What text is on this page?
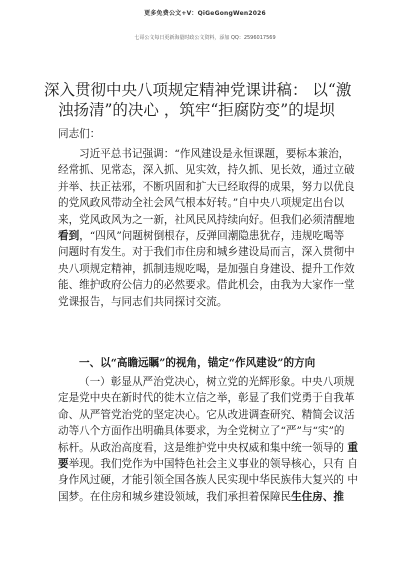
更多免费公文+V：QiGeGongWen2026
七哥公文每日更新海量时政公文资料，添加 QQ：2596017569
深入贯彻中央八项规定精神党课讲稿： 以“激
浊扬清”的决心 ，筑牢“拒腐防变”的堤坝
同志们：
习近平总书记强调：“作风建设是永恒课题，要标本兼治，
经常抓、见常态，深入抓、见实效，持久抓、见长效，通过立破
并举、扶正祛邪，不断巩固和扩大已经取得的成果，努力以优良
的党风政风带动全社会风气根本好转。”自中央八项规定出台以
来，党风政风为之一新，社风民风持续向好。但我们必须清醒地
看到，“四风”问题树倒根存，反弹回潮隐患犹存，违规吃喝等
问题时有发生。对于我们市住房和城乡建设局而言，深入贯彻中
央八项规定精神，抓制违规吃喝，是加强自身建设、提升工作效
能、维护政府公信力的必然要求。借此机会，由我为大家作一堂
党课报告，与同志们共同探讨交流。
一、以“高瞻远瞩”的视角，锚定“作风建设”的方向
（一）彰显从严治党决心，树立党的光辉形象。中央八项规
定是党中央在新时代的徙木立信之举，彰显了我们党勇于自我革
命、从严管党治党的坚定决心。它从改进调查研究、精简会议活
动等八个方面作出明确具体要求，为全党树立了“严”与“实”的
标杆。从政治高度看，这是维护党中央权威和集中统一领导的 重
要举现。我们党作为中国特色社会主义事业的领导核心，只有 自
身作风过硬，才能引领全国各族人民实现中华民族伟大复兴的 中
国梦。在住房和城乡建设领域，我们承担着保障民生住房、推
